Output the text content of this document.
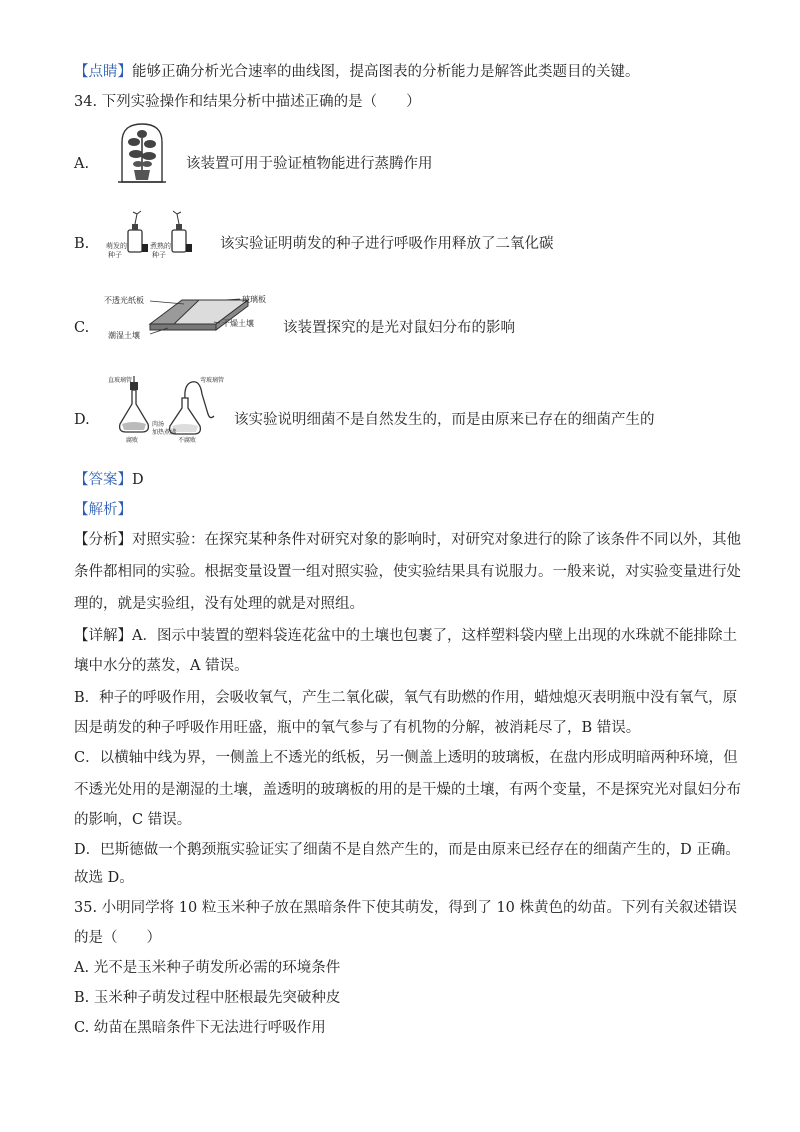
【点睛】能够正确分析光合速率的曲线图，提高图表的分析能力是解答此类题目的关键。
34. 下列实验操作和结果分析中描述正确的是（　　）
A.	该装置可用于验证植物能进行蒸腾作用
B. 萌发的
种子
煮熟的
种子
该实验证明萌发的种子进行呼吸作用释放了二氧化碳
C.
不透光纸板	玻璃板
干燥土壤
潮湿土壤	该装置探究的是光对鼠妇分布的影响
D.
直玻璃管	弯玻璃管
肉汤
加热煮沸
腐败	不腐败
该实验说明细菌不是自然发生的，而是由原来已存在的细菌产生的
【答案】D
【解析】
【分析】对照实验：在探究某种条件对研究对象的影响时，对研究对象进行的除了该条件不同以外，其他
条件都相同的实验。根据变量设置一组对照实验，使实验结果具有说服力。一般来说，对实验变量进行处
理的，就是实验组，没有处理的就是对照组。
【详解】A．图示中装置的塑料袋连花盆中的土壤也包裹了，这样塑料袋内壁上出现的水珠就不能排除土
壤中水分的蒸发，A 错误。
B．种子的呼吸作用，会吸收氧气，产生二氧化碳，氧气有助燃的作用，蜡烛熄灭表明瓶中没有氧气，原
因是萌发的种子呼吸作用旺盛，瓶中的氧气参与了有机物的分解，被消耗尽了，B 错误。
C．以横轴中线为界，一侧盖上不透光的纸板，另一侧盖上透明的玻璃板，在盘内形成明暗两种环境，但
不透光处用的是潮湿的土壤，盖透明的玻璃板的用的是干燥的土壤，有两个变量，不是探究光对鼠妇分布
的影响，C 错误。
D．巴斯德做一个鹅颈瓶实验证实了细菌不是自然产生的，而是由原来已经存在的细菌产生的，D 正确。
故选 D。
35. 小明同学将 10 粒玉米种子放在黑暗条件下使其萌发，得到了 10 株黄色的幼苗。下列有关叙述错误
的是（　　）
A. 光不是玉米种子萌发所必需的环境条件
B. 玉米种子萌发过程中胚根最先突破种皮
C. 幼苗在黑暗条件下无法进行呼吸作用
